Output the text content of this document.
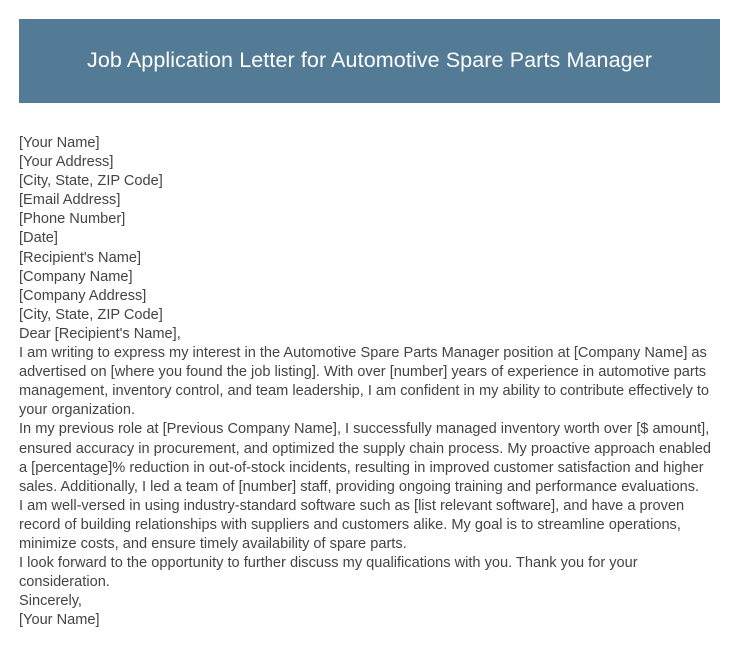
Job Application Letter for Automotive Spare Parts Manager
[Your Name]
[Your Address]
[City, State, ZIP Code]
[Email Address]
[Phone Number]
[Date]
[Recipient's Name]
[Company Name]
[Company Address]
[City, State, ZIP Code]
Dear [Recipient's Name],

I am writing to express my interest in the Automotive Spare Parts Manager position at [Company Name] as advertised on [where you found the job listing]. With over [number] years of experience in automotive parts management, inventory control, and team leadership, I am confident in my ability to contribute effectively to your organization.

In my previous role at [Previous Company Name], I successfully managed inventory worth over [$ amount], ensured accuracy in procurement, and optimized the supply chain process. My proactive approach enabled a [percentage]% reduction in out-of-stock incidents, resulting in improved customer satisfaction and higher sales. Additionally, I led a team of [number] staff, providing ongoing training and performance evaluations.

I am well-versed in using industry-standard software such as [list relevant software], and have a proven record of building relationships with suppliers and customers alike. My goal is to streamline operations, minimize costs, and ensure timely availability of spare parts.

I look forward to the opportunity to further discuss my qualifications with you. Thank you for your consideration.

Sincerely,
[Your Name]
